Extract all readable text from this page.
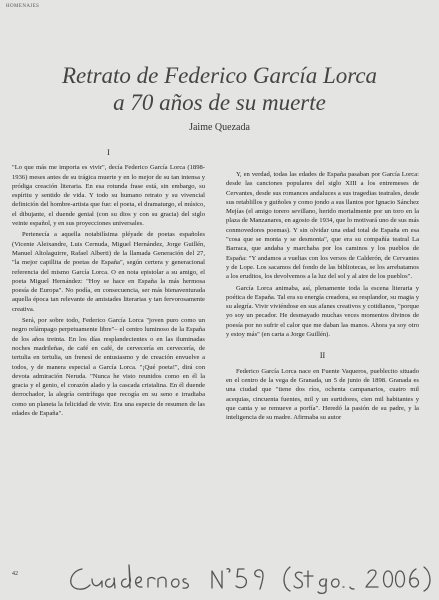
HOMENAJES
Retrato de Federico García Lorca
a 70 años de su muerte
Jaime Quezada
I

"Lo que más me importa es vivir", decía Federico García Lorca (1898-1936) meses antes de su trágica muerte y en lo mejor de su tan intensa y pródiga creación literaria. En esa rotunda frase está, sin embargo, su espíritu y sentido de vida. Y todo su humano retrato y su vivencial definición del hombre-artista que fue: el poeta, el dramaturgo, el músico, el dibujante, el duende genial (con su dios y con su gracia) del siglo veinte español, y en sus proyecciones universales.

Pertenecía a aquella notabilísima pléyade de poetas españoles (Vicente Aleixandre, Luis Cernuda, Miguel Hernández, Jorge Guillén, Manuel Altolaguirre, Rafael Alberti) de la llamada Generación del 27, "la mejor capillita de poetas de España", según certera y generacional referencia del mismo García Lorca. O en nota epistolar a su amigo, el poeta Miguel Hernández: "Hoy se hace en España la más hermosa poesía de Europa". No podía, en consecuencia, ser más bienaventurada aquella época tan relevante de amistades literarias y tan fervorosamente creativa.

Será, por sobre todo, Federico García Lorca "joven puro como un negro relámpago perpetuamente libre"– el centro luminoso de la España de los años treinta. En los días resplandecientes o en las iluminadas noches madrileñas, de café en café, de cervecería en cervecería, de tertulia en tertulia, un frenesí de entusiasmo y de creación envuelve a todos, y de manera especial a García Lorca. "¡Qué poeta!", dirá con devota admiración Neruda. "Nunca he visto reunidos como en él la gracia y el genio, el corazón alado y la cascada cristalina. En él duende derrochador, la alegría centrífuga que recogía en su seno e irradiaba como un planeta la felicidad de vivir. Era una especie de resumen de las edades de España".

Y, en verdad, todas las edades de España pasaban por García Lorca: desde las canciones populares del siglo XIII a los entremeses de Cervantes, desde sus romances andaluces a sus tragedias teatrales, desde sus retablillos y guiñoles y como jondo a sus llantos por Ignacio Sánchez Mejías (el amigo torero sevillano, herido mortalmente por un toro en la plaza de Manzanares, en agosto de 1934, que lo motivará uno de sus más conmovedores poemas). Y sin olvidar una edad total de España en esa "cosa que se monta y se desmonta", que era su compañía teatral La Barraca, que andaba y marchaba por los caminos y los pueblos de España: "Y andamos a vueltas con los versos de Calderón, de Cervantes y de Lope. Los sacamos del fondo de las bibliotecas, se los arrebatamos a los eruditos, los devolvemos a la luz del sol y al aire de los pueblos".

García Lorca animaba, así, plenamente toda la escena literaria y poética de España. Tal era su energía creadora, su resplandor, su magia y su alegría. Vivir viviéndose en sus afanes creativos y cotidianos, "porque yo soy un pecador. He desmayado muchas veces momentos divinos de poesía por no sufrir el calor que me daban las manos. Ahora ya soy otro y estoy más" (en carta a Jorge Guillén).

II

Federico García Lorca nace en Fuente Vaqueros, pueblecito situado en el centro de la vega de Granada, un 5 de junio de 1898. Granada es una ciudad que "tiene dos ríos, ochenta campanarios, cuatro mil acequias, cincuenta fuentes, mil y un surtidores, cien mil habitantes y que canta y se remueve a porfía". Heredó la pasión de su padre, y la inteligencia de su madre. Afirmaba su autor

42
